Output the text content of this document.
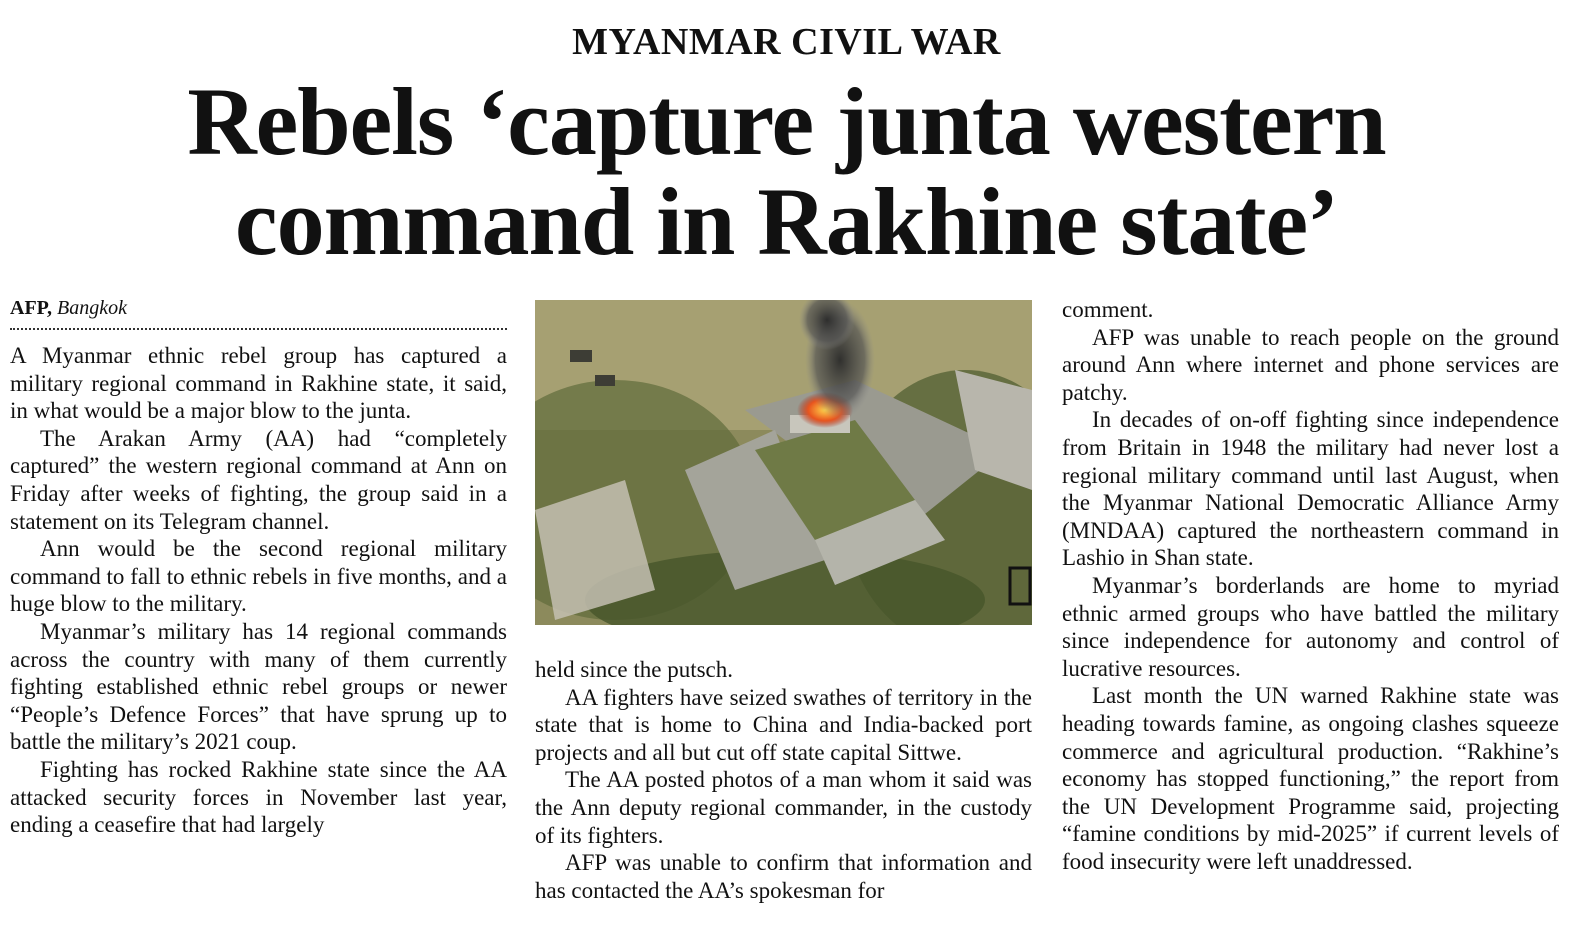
MYANMAR CIVIL WAR
Rebels ‘capture junta western
command in Rakhine state’
AFP, Bangkok

A Myanmar ethnic rebel group has captured a military regional command in Rakhine state, it said, in what would be a major blow to the junta.

The Arakan Army (AA) had “completely captured” the western regional command at Ann on Friday after weeks of fighting, the group said in a statement on its Telegram channel.

Ann would be the second regional military command to fall to ethnic rebels in five months, and a huge blow to the military.

Myanmar’s military has 14 regional commands across the country with many of them currently fighting established ethnic rebel groups or newer “People’s Defence Forces” that have sprung up to battle the military’s 2021 coup.

Fighting has rocked Rakhine state since the AA attacked security forces in November last year, ending a ceasefire that had largely

held since the putsch.

AA fighters have seized swathes of territory in the state that is home to China and India-backed port projects and all but cut off state capital Sittwe.

The AA posted photos of a man whom it said was the Ann deputy regional commander, in the custody of its fighters.

AFP was unable to confirm that information and has contacted the AA’s spokesman for

comment.

AFP was unable to reach people on the ground around Ann where internet and phone services are patchy.

In decades of on-off fighting since independence from Britain in 1948 the military had never lost a regional military command until last August, when the Myanmar National Democratic Alliance Army (MNDAA) captured the northeastern command in Lashio in Shan state.

Myanmar’s borderlands are home to myriad ethnic armed groups who have battled the military since independence for autonomy and control of lucrative resources.

Last month the UN warned Rakhine state was heading towards famine, as ongoing clashes squeeze commerce and agricultural production. “Rakhine’s economy has stopped functioning,” the report from the UN Development Programme said, projecting “famine conditions by mid-2025” if current levels of food insecurity were left unaddressed.
